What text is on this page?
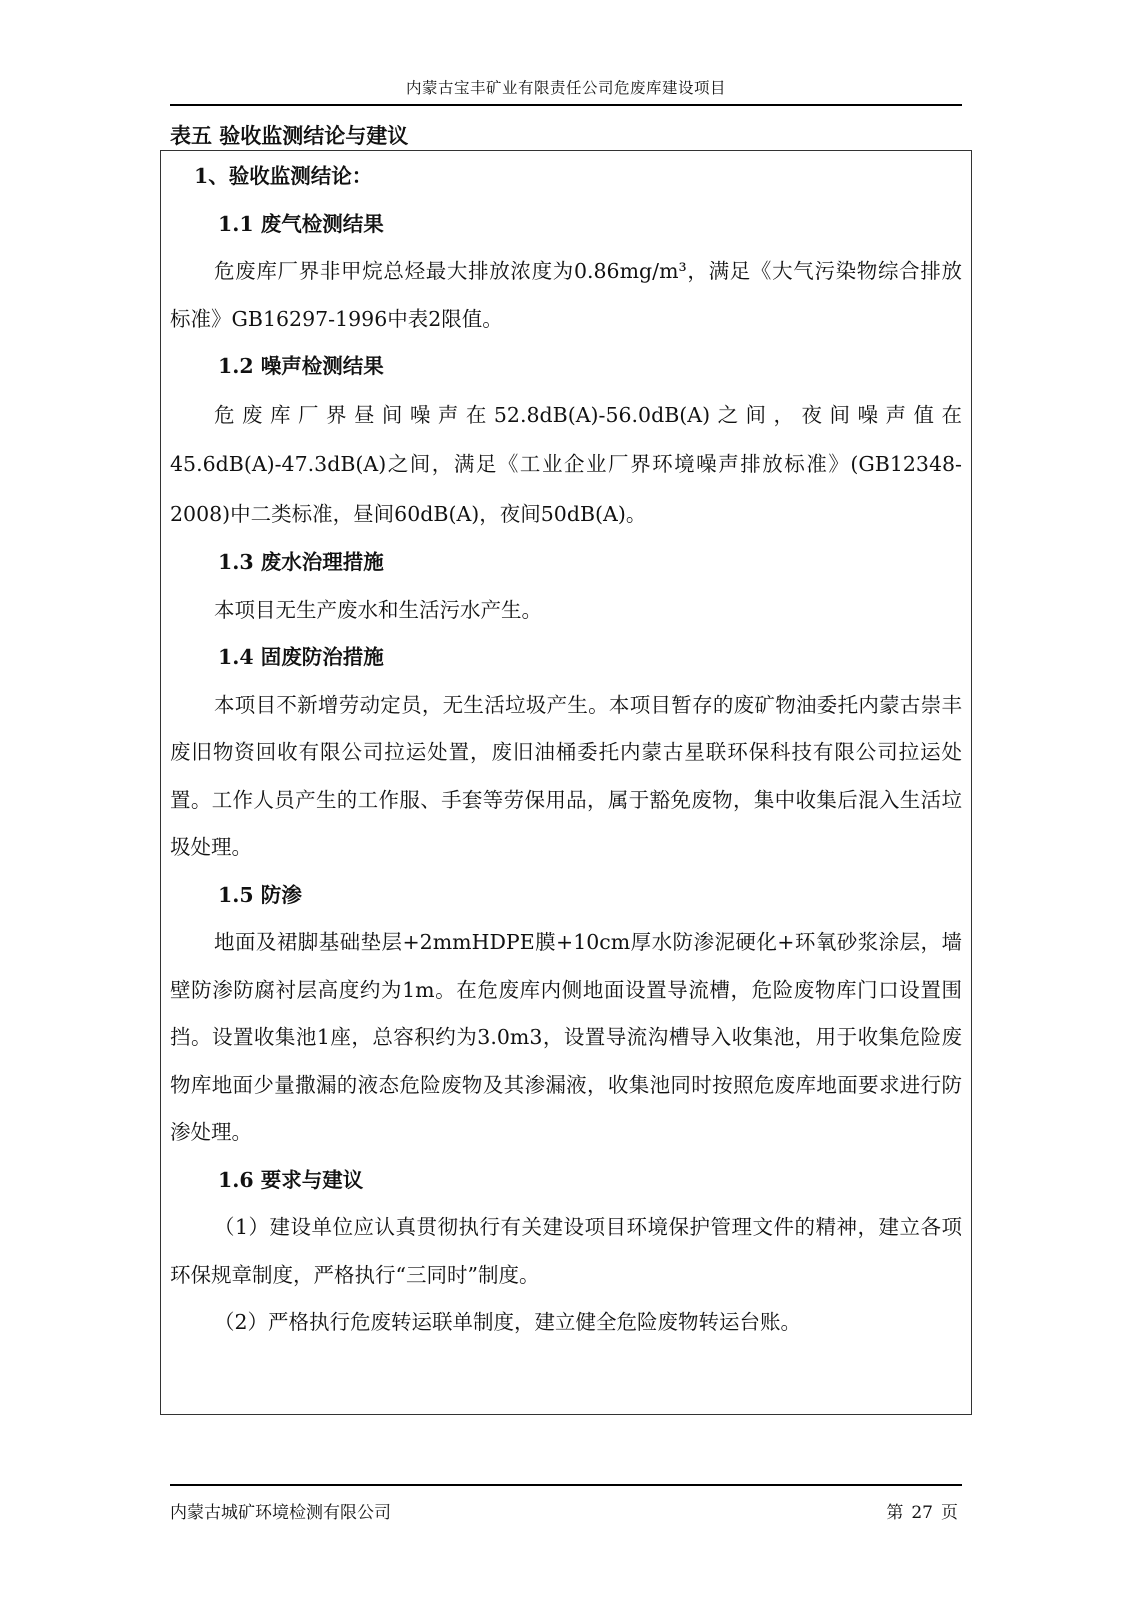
内蒙古宝丰矿业有限责任公司危废库建设项目
表五 验收监测结论与建议

1、验收监测结论：

1.1 废气检测结果

危废库厂界非甲烷总烃最大排放浓度为0.86mg/m³，满足《大气污染物综合排放标准》GB16297-1996中表2限值。

1.2 噪声检测结果

危废库厂界昼间噪声在52.8dB(A)-56.0dB(A)之间，夜间噪声值在45.6dB(A)-47.3dB(A)之间，满足《工业企业厂界环境噪声排放标准》(GB12348-2008)中二类标准，昼间60dB(A)，夜间50dB(A)。

1.3 废水治理措施

本项目无生产废水和生活污水产生。

1.4 固废防治措施

本项目不新增劳动定员，无生活垃圾产生。本项目暂存的废矿物油委托内蒙古崇丰废旧物资回收有限公司拉运处置，废旧油桶委托内蒙古星联环保科技有限公司拉运处置。工作人员产生的工作服、手套等劳保用品，属于豁免废物，集中收集后混入生活垃圾处理。

1.5 防渗

地面及裙脚基础垫层+2mmHDPE膜+10cm厚水防渗泥硬化+环氧砂浆涂层，墙壁防渗防腐衬层高度约为1m。在危废库内侧地面设置导流槽，危险废物库门口设置围挡。设置收集池1座，总容积约为3.0m3，设置导流沟槽导入收集池，用于收集危险废物库地面少量撒漏的液态危险废物及其渗漏液，收集池同时按照危废库地面要求进行防渗处理。

1.6 要求与建议

（1）建设单位应认真贯彻执行有关建设项目环境保护管理文件的精神，建立各项环保规章制度，严格执行“三同时”制度。

（2）严格执行危废转运联单制度，建立健全危险废物转运台账。

内蒙古城矿环境检测有限公司	第 27 页
